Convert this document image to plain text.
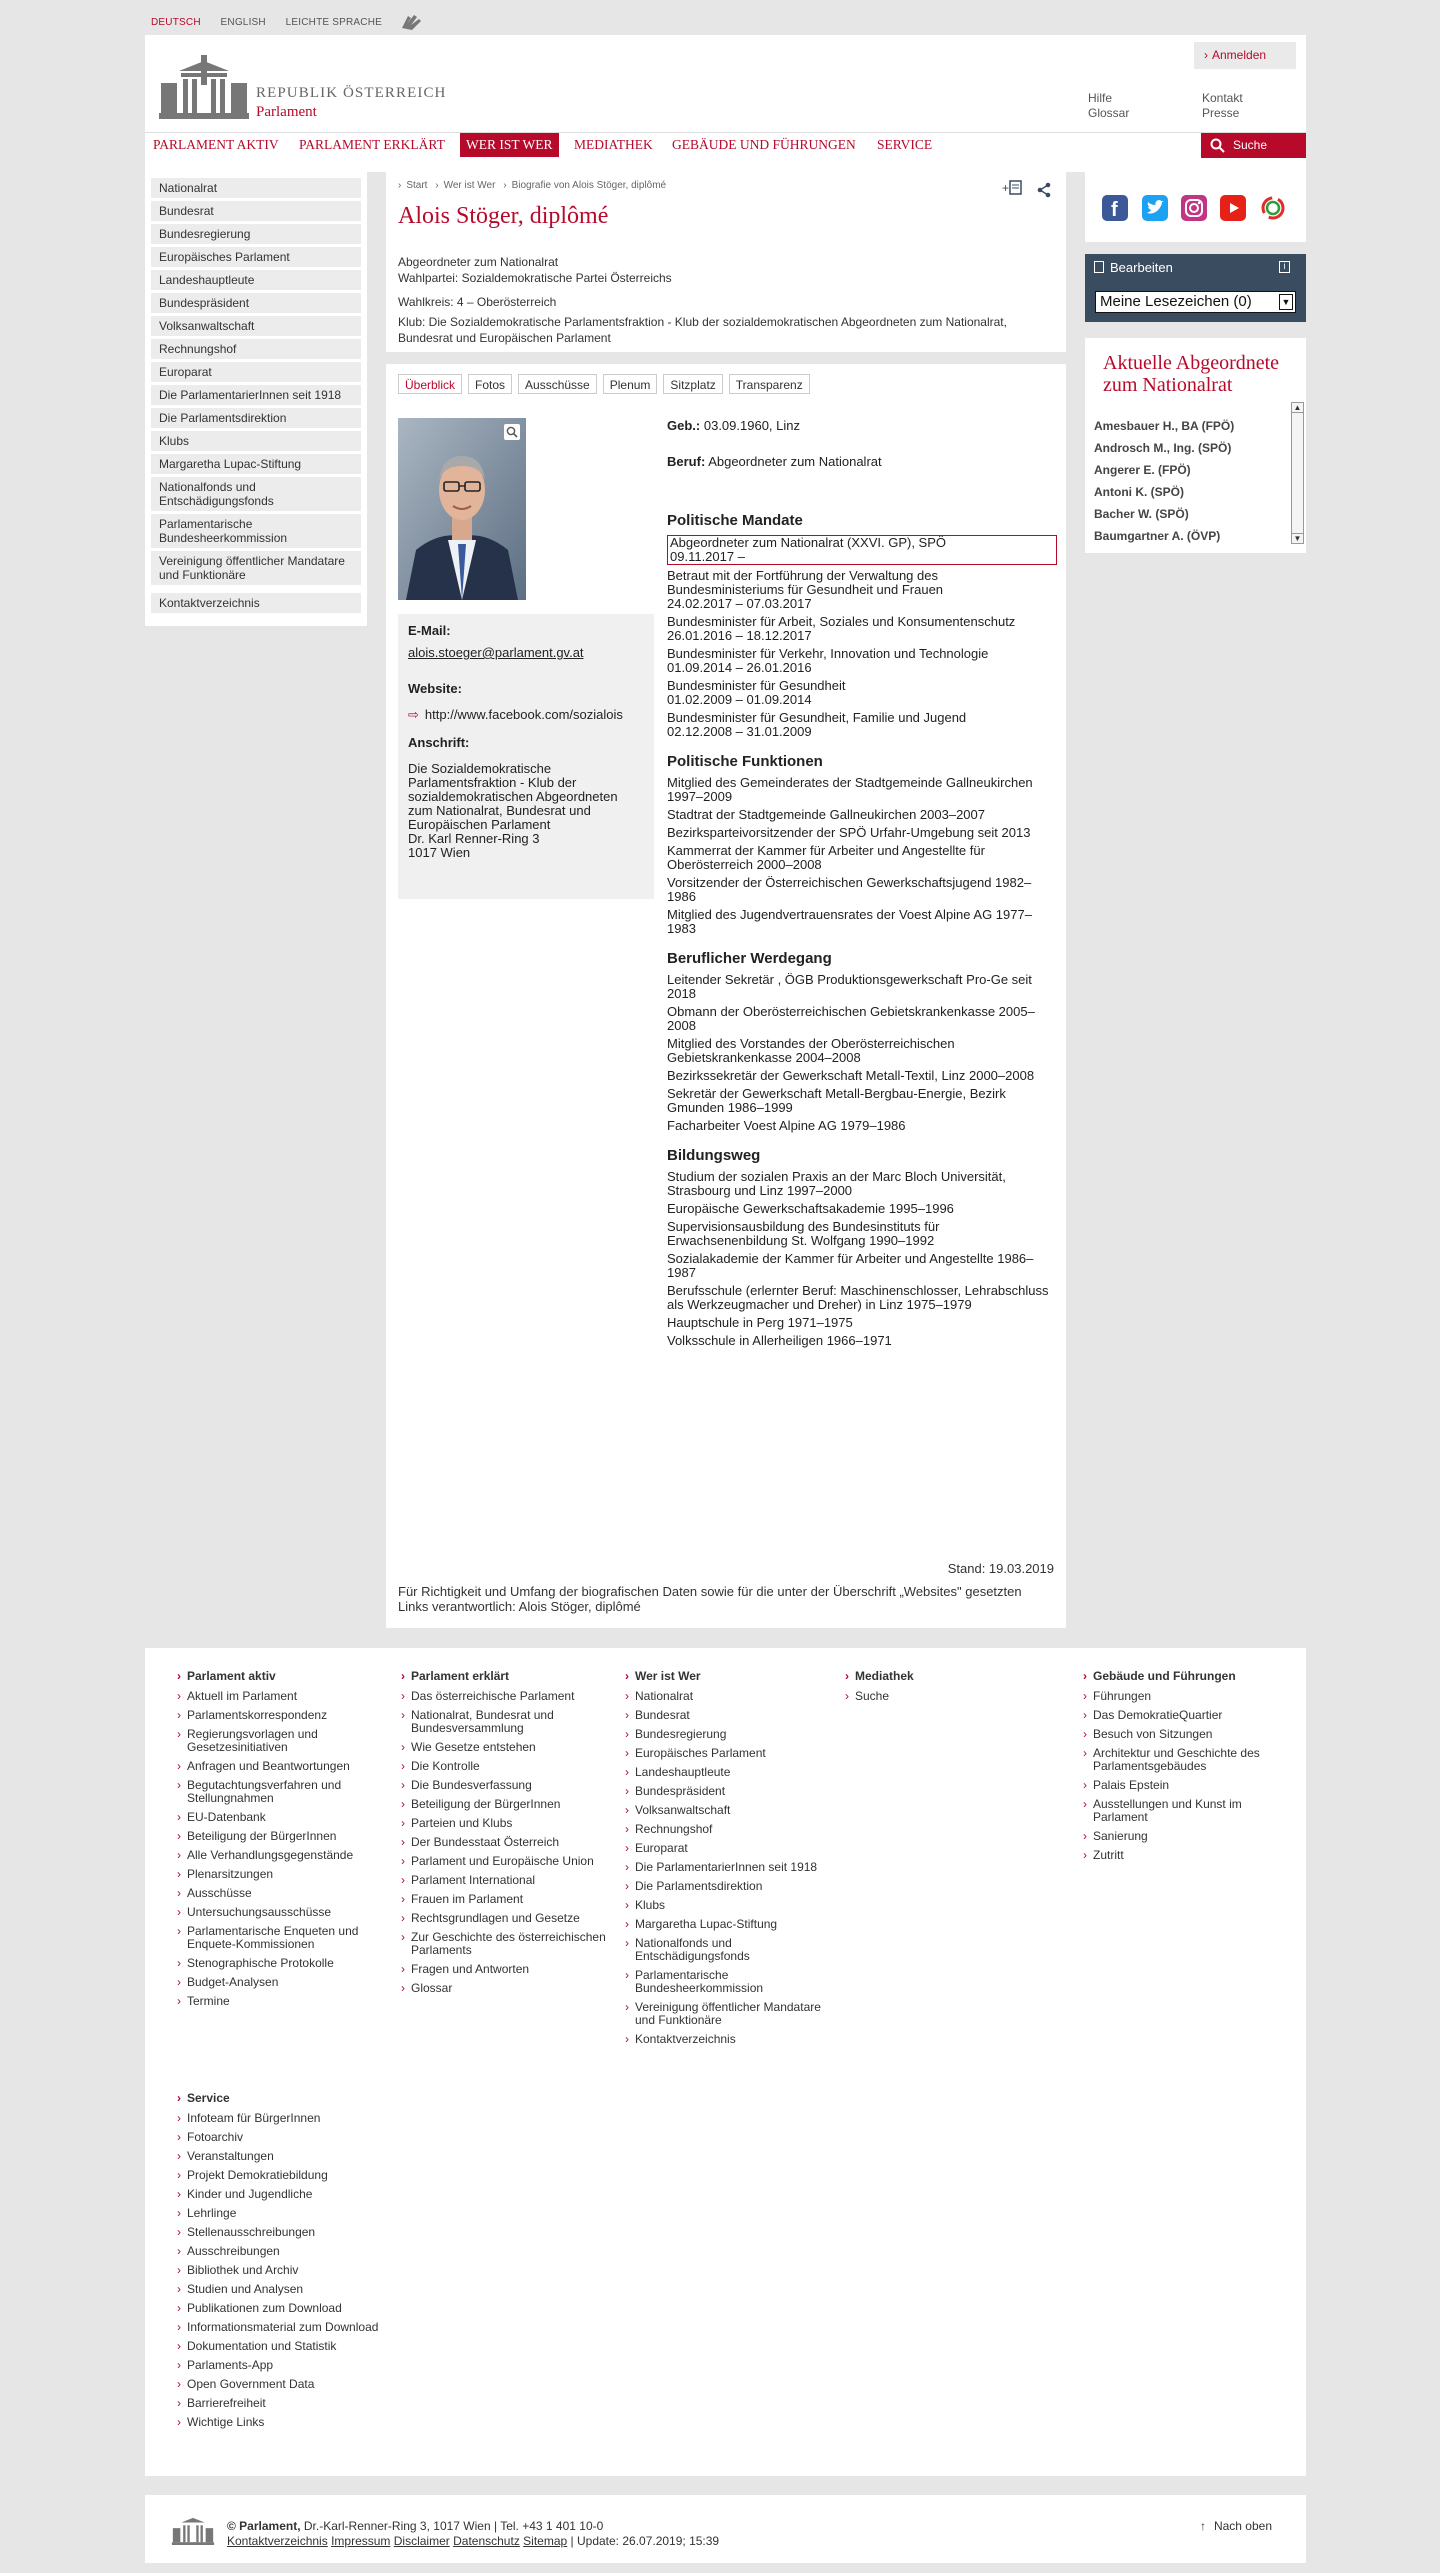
DEUTSCH ENGLISH LEICHTE SPRACHE
› Anmelden
REPUBLIK ÖSTERREICH
Parlament
Hilfe
Glossar
Kontakt
Presse
PARLAMENT AKTIV	PARLAMENT ERKLÄRT	WER IST WER	MEDIATHEK	GEBÄUDE UND FÜHRUNGEN	SERVICE	Suche
Nationalrat
Bundesrat
Bundesregierung
Europäisches Parlament
Landeshauptleute
Bundespräsident
Volksanwaltschaft
Rechnungshof
Europarat
Die ParlamentarierInnen seit 1918
Die Parlamentsdirektion
Klubs
Margaretha Lupac-Stiftung
Nationalfonds und Entschädigungsfonds
Parlamentarische Bundesheerkommission
Vereinigung öffentlicher Mandatare und Funktionäre
Kontaktverzeichnis
› Start › Wer ist Wer › Biografie von Alois Stöger, diplômé	+

Alois Stöger, diplômé
Abgeordneter zum Nationalrat
Wahlpartei: Sozialdemokratische Partei Österreichs
Wahlkreis: 4 – Oberösterreich
Klub: Die Sozialdemokratische Parlamentsfraktion - Klub der sozialdemokratischen Abgeordneten zum Nationalrat, Bundesrat und Europäischen Parlament
Überblick	Fotos	Ausschüsse	Plenum	Sitzplatz	Transparenz
E-Mail:
alois.stoeger@parlament.gv.at
Website:
⇨ http://www.facebook.com/sozialois
Anschrift:
Die Sozialdemokratische Parlamentsfraktion - Klub der sozialdemokratischen Abgeordneten zum Nationalrat, Bundesrat und Europäischen Parlament
Dr. Karl Renner-Ring 3
1017 Wien
Geb.: 03.09.1960, Linz
Beruf: Abgeordneter zum Nationalrat
Politische Mandate
Abgeordneter zum Nationalrat (XXVI. GP), SPÖ
09.11.2017 –
Betraut mit der Fortführung der Verwaltung des Bundesministeriums für Gesundheit und Frauen
24.02.2017 – 07.03.2017
Bundesminister für Arbeit, Soziales und Konsumentenschutz
26.01.2016 – 18.12.2017
Bundesminister für Verkehr, Innovation und Technologie
01.09.2014 – 26.01.2016
Bundesminister für Gesundheit
01.02.2009 – 01.09.2014
Bundesminister für Gesundheit, Familie und Jugend
02.12.2008 – 31.01.2009
Politische Funktionen
Mitglied des Gemeinderates der Stadtgemeinde Gallneukirchen 1997–2009
Stadtrat der Stadtgemeinde Gallneukirchen 2003–2007
Bezirksparteivorsitzender der SPÖ Urfahr-Umgebung seit 2013
Kammerrat der Kammer für Arbeiter und Angestellte für Oberösterreich 2000–2008
Vorsitzender der Österreichischen Gewerkschaftsjugend 1982–1986
Mitglied des Jugendvertrauensrates der Voest Alpine AG 1977–1983
Beruflicher Werdegang
Leitender Sekretär , ÖGB Produktionsgewerkschaft Pro-Ge seit 2018
Obmann der Oberösterreichischen Gebietskrankenkasse 2005–2008
Mitglied des Vorstandes der Oberösterreichischen Gebietskrankenkasse 2004–2008
Bezirkssekretär der Gewerkschaft Metall-Textil, Linz 2000–2008
Sekretär der Gewerkschaft Metall-Bergbau-Energie, Bezirk Gmunden 1986–1999
Facharbeiter Voest Alpine AG 1979–1986
Bildungsweg
Studium der sozialen Praxis an der Marc Bloch Universität, Strasbourg und Linz 1997–2000
Europäische Gewerkschaftsakademie 1995–1996
Supervisionsausbildung des Bundesinstituts für Erwachsenenbildung St. Wolfgang 1990–1992
Sozialakademie der Kammer für Arbeiter und Angestellte 1986–1987
Berufsschule (erlernter Beruf: Maschinenschlosser, Lehrabschluss als Werkzeugmacher und Dreher) in Linz 1975–1979
Hauptschule in Perg 1971–1975
Volksschule in Allerheiligen 1966–1971
Stand: 19.03.2019
Für Richtigkeit und Umfang der biografischen Daten sowie für die unter der Überschrift „Websites" gesetzten Links verantwortlich: Alois Stöger, diplômé
f
Bearbeiten	i
Meine Lesezeichen (0)	▼
Aktuelle Abgeordnete zum Nationalrat
Amesbauer H., BA (FPÖ)
Androsch M., Ing. (SPÖ)
Angerer E. (FPÖ)
Antoni K. (SPÖ)
Bacher W. (SPÖ)
Baumgartner A. (ÖVP)
▲
▼
› Parlament aktiv
› Aktuell im Parlament
› Parlamentskorrespondenz
› Regierungsvorlagen und Gesetzesinitiativen
› Anfragen und Beantwortungen
› Begutachtungsverfahren und Stellungnahmen
› EU-Datenbank
› Beteiligung der BürgerInnen
› Alle Verhandlungsgegenstände
› Plenarsitzungen
› Ausschüsse
› Untersuchungsausschüsse
› Parlamentarische Enqueten und Enquete-Kommissionen
› Stenographische Protokolle
› Budget-Analysen
› Termine
› Parlament erklärt
› Das österreichische Parlament
› Nationalrat, Bundesrat und Bundesversammlung
› Wie Gesetze entstehen
› Die Kontrolle
› Die Bundesverfassung
› Beteiligung der BürgerInnen
› Parteien und Klubs
› Der Bundesstaat Österreich
› Parlament und Europäische Union
› Parlament International
› Frauen im Parlament
› Rechtsgrundlagen und Gesetze
› Zur Geschichte des österreichischen Parlaments
› Fragen und Antworten
› Glossar
› Wer ist Wer
› Nationalrat
› Bundesrat
› Bundesregierung
› Europäisches Parlament
› Landeshauptleute
› Bundespräsident
› Volksanwaltschaft
› Rechnungshof
› Europarat
› Die ParlamentarierInnen seit 1918
› Die Parlamentsdirektion
› Klubs
› Margaretha Lupac-Stiftung
› Nationalfonds und Entschädigungsfonds
› Parlamentarische Bundesheerkommission
› Vereinigung öffentlicher Mandatare und Funktionäre
› Kontaktverzeichnis
› Mediathek
› Suche
› Gebäude und Führungen
› Führungen
› Das DemokratieQuartier
› Besuch von Sitzungen
› Architektur und Geschichte des Parlamentsgebäudes
› Palais Epstein
› Ausstellungen und Kunst im Parlament
› Sanierung
› Zutritt
› Service
› Infoteam für BürgerInnen
› Fotoarchiv
› Veranstaltungen
› Projekt Demokratiebildung
› Kinder und Jugendliche
› Lehrlinge
› Stellenausschreibungen
› Ausschreibungen
› Bibliothek und Archiv
› Studien und Analysen
› Publikationen zum Download
› Informationsmaterial zum Download
› Dokumentation und Statistik
› Parlaments-App
› Open Government Data
› Barrierefreiheit
› Wichtige Links
© Parlament, Dr.-Karl-Renner-Ring 3, 1017 Wien | Tel. +43 1 401 10-0
Kontaktverzeichnis Impressum Disclaimer Datenschutz Sitemap | Update: 26.07.2019; 15:39
↑ Nach oben
